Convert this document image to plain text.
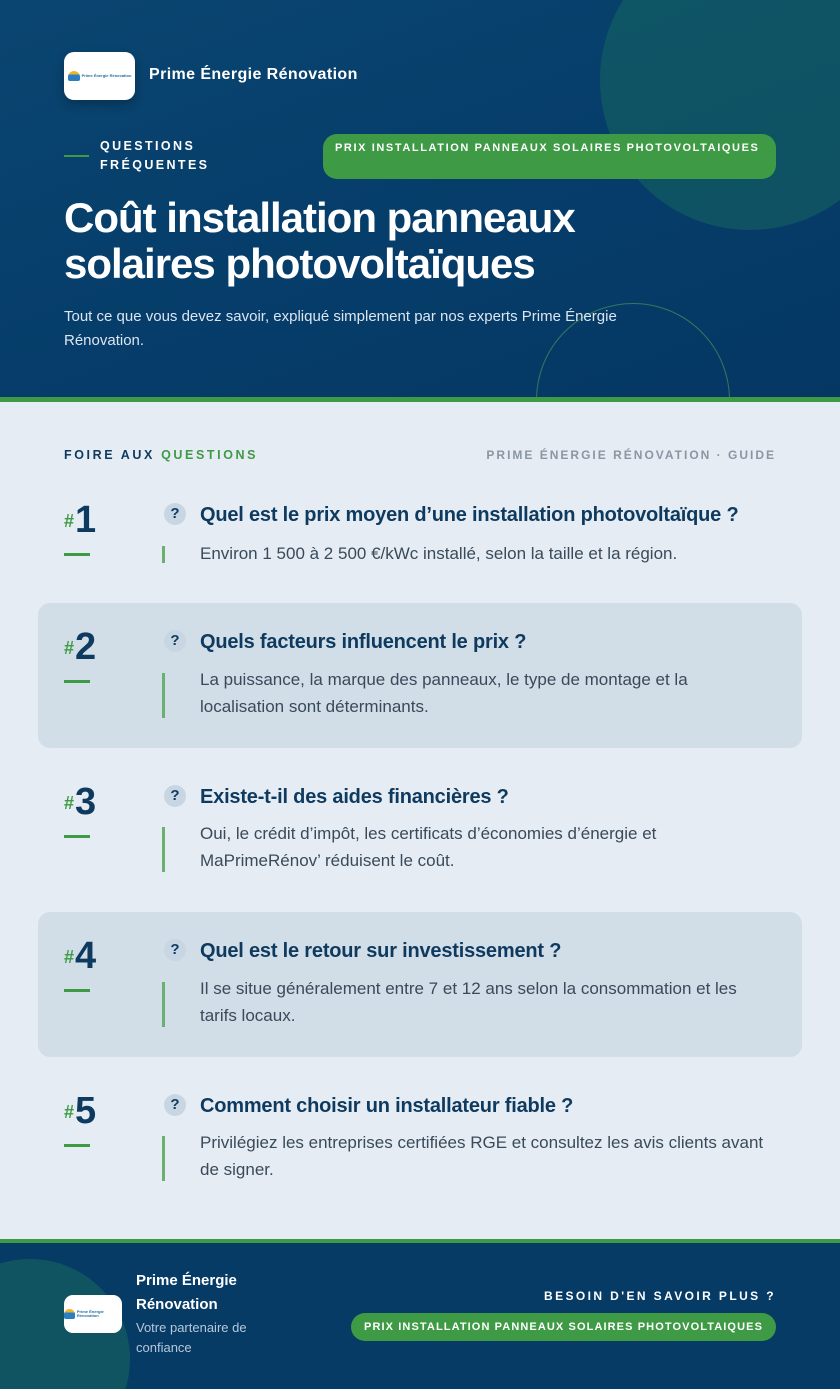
Prime Énergie Rénovation Prime Énergie Rénovation
QUESTIONS FRÉQUENTES
PRIX INSTALLATION PANNEAUX SOLAIRES PHOTOVOLTAIQUES
Coût installation panneaux solaires photovoltaïques

Tout ce que vous devez savoir, expliqué simplement par nos experts Prime Énergie Rénovation.

FOIRE AUX QUESTIONS	PRIME ÉNERGIE RÉNOVATION · GUIDE
#1	?	Quel est le prix moyen d’une installation photovoltaïque ?
Environ 1 500 à 2 500 €/kWc installé, selon la taille et la région.
#2	?	Quels facteurs influencent le prix ?
La puissance, la marque des panneaux, le type de montage et la localisation sont déterminants.
#3	?	Existe-t-il des aides financières ?
Oui, le crédit d’impôt, les certificats d’économies d’énergie et MaPrimeRénov’ réduisent le coût.
#4	?	Quel est le retour sur investissement ?
Il se situe généralement entre 7 et 12 ans selon la consommation et les tarifs locaux.
#5	?	Comment choisir un installateur fiable ?
Privilégiez les entreprises certifiées RGE et consultez les avis clients avant de signer.
Prime Énergie Rénovation
Prime Énergie Rénovation
Votre partenaire de confiance
BESOIN D'EN SAVOIR PLUS ?
PRIX INSTALLATION PANNEAUX SOLAIRES PHOTOVOLTAIQUES
